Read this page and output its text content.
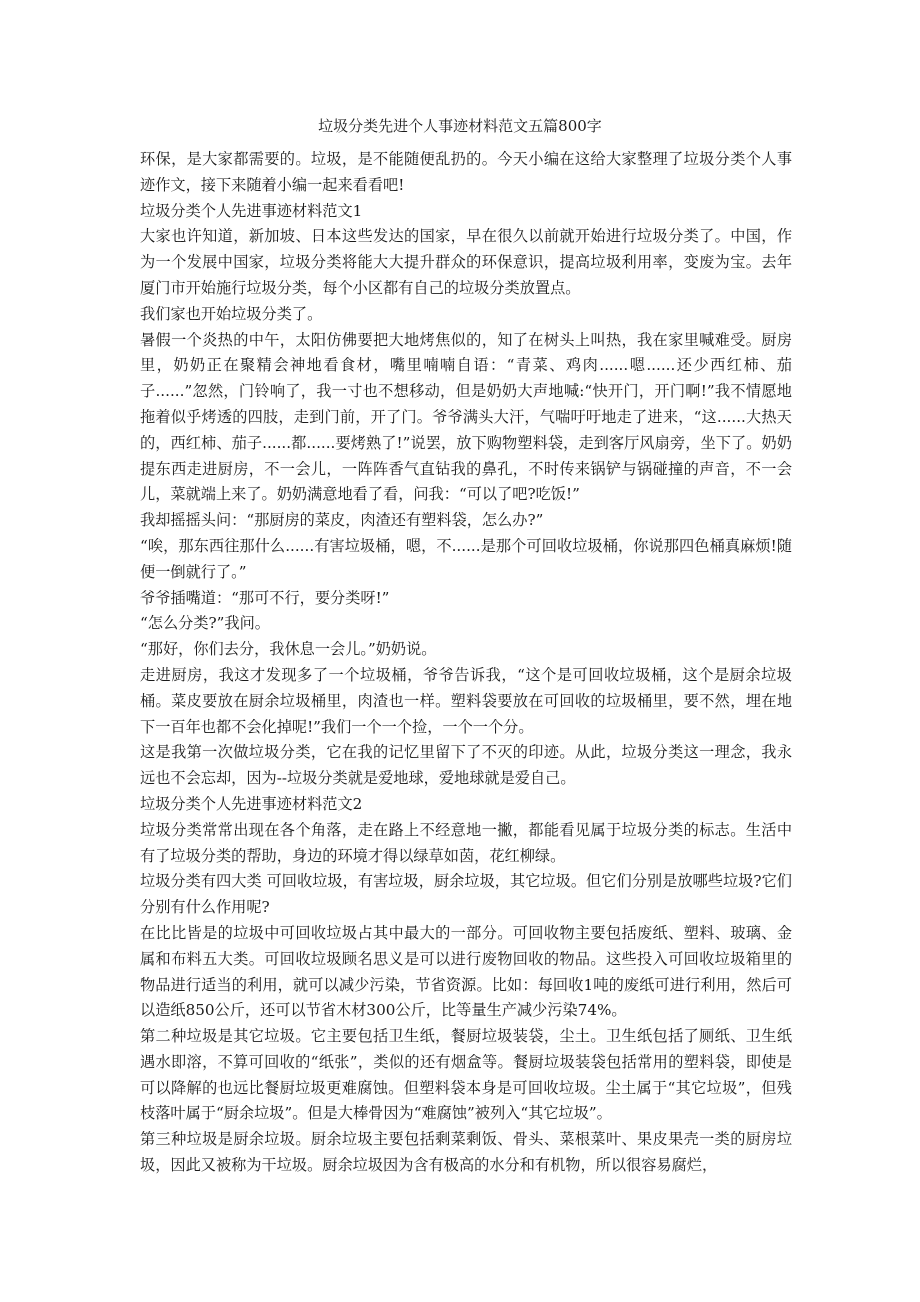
垃圾分类先进个人事迹材料范文五篇800字

环保，是大家都需要的。垃圾，是不能随便乱扔的。今天小编在这给大家整理了垃圾分类个人事迹作文，接下来随着小编一起来看看吧!

垃圾分类个人先进事迹材料范文1

大家也许知道，新加坡、日本这些发达的国家，早在很久以前就开始进行垃圾分类了。中国，作为一个发展中国家，垃圾分类将能大大提升群众的环保意识，提高垃圾利用率，变废为宝。去年厦门市开始施行垃圾分类，每个小区都有自己的垃圾分类放置点。

我们家也开始垃圾分类了。

暑假一个炎热的中午，太阳仿佛要把大地烤焦似的，知了在树头上叫热，我在家里喊难受。厨房里，奶奶正在聚精会神地看食材，嘴里喃喃自语：“青菜、鸡肉......嗯......还少西红柿、茄子......”忽然，门铃响了，我一寸也不想移动，但是奶奶大声地喊:“快开门，开门啊!”我不情愿地拖着似乎烤透的四肢，走到门前，开了门。爷爷满头大汗，气喘吁吁地走了进来，“这......大热天的，西红柿、茄子......都......要烤熟了!”说罢，放下购物塑料袋，走到客厅风扇旁，坐下了。奶奶提东西走进厨房，不一会儿，一阵阵香气直钻我的鼻孔，不时传来锅铲与锅碰撞的声音，不一会儿，菜就端上来了。奶奶满意地看了看，问我：“可以了吧?吃饭!”

我却摇摇头问：“那厨房的菜皮，肉渣还有塑料袋，怎么办?”

“唉，那东西往那什么......有害垃圾桶，嗯，不......是那个可回收垃圾桶，你说那四色桶真麻烦!随便一倒就行了。”

爷爷插嘴道：“那可不行，要分类呀!”

“怎么分类?”我问。

“那好，你们去分，我休息一会儿。”奶奶说。

走进厨房，我这才发现多了一个垃圾桶，爷爷告诉我，“这个是可回收垃圾桶，这个是厨余垃圾桶。菜皮要放在厨余垃圾桶里，肉渣也一样。塑料袋要放在可回收的垃圾桶里，要不然，埋在地下一百年也都不会化掉呢!”我们一个一个捡，一个一个分。

这是我第一次做垃圾分类，它在我的记忆里留下了不灭的印迹。从此，垃圾分类这一理念，我永远也不会忘却，因为--垃圾分类就是爱地球，爱地球就是爱自己。

垃圾分类个人先进事迹材料范文2

垃圾分类常常出现在各个角落，走在路上不经意地一撇，都能看见属于垃圾分类的标志。生活中有了垃圾分类的帮助，身边的环境才得以绿草如茵，花红柳绿。

垃圾分类有四大类 可回收垃圾，有害垃圾，厨余垃圾，其它垃圾。但它们分别是放哪些垃圾?它们分别有什么作用呢?

在比比皆是的垃圾中可回收垃圾占其中最大的一部分。可回收物主要包括废纸、塑料、玻璃、金属和布料五大类。可回收垃圾顾名思义是可以进行废物回收的物品。这些投入可回收垃圾箱里的物品进行适当的利用，就可以减少污染，节省资源。比如：每回收1吨的废纸可进行利用，然后可以造纸850公斤，还可以节省木材300公斤，比等量生产减少污染74%。

第二种垃圾是其它垃圾。它主要包括卫生纸，餐厨垃圾装袋，尘土。卫生纸包括了厕纸、卫生纸遇水即溶，不算可回收的“纸张”，类似的还有烟盒等。餐厨垃圾装袋包括常用的塑料袋，即使是可以降解的也远比餐厨垃圾更难腐蚀。但塑料袋本身是可回收垃圾。尘土属于“其它垃圾”，但残枝落叶属于“厨余垃圾”。但是大棒骨因为“难腐蚀”被列入“其它垃圾”。

第三种垃圾是厨余垃圾。厨余垃圾主要包括剩菜剩饭、骨头、菜根菜叶、果皮果壳一类的厨房垃圾，因此又被称为干垃圾。厨余垃圾因为含有极高的水分和有机物，所以很容易腐烂，
